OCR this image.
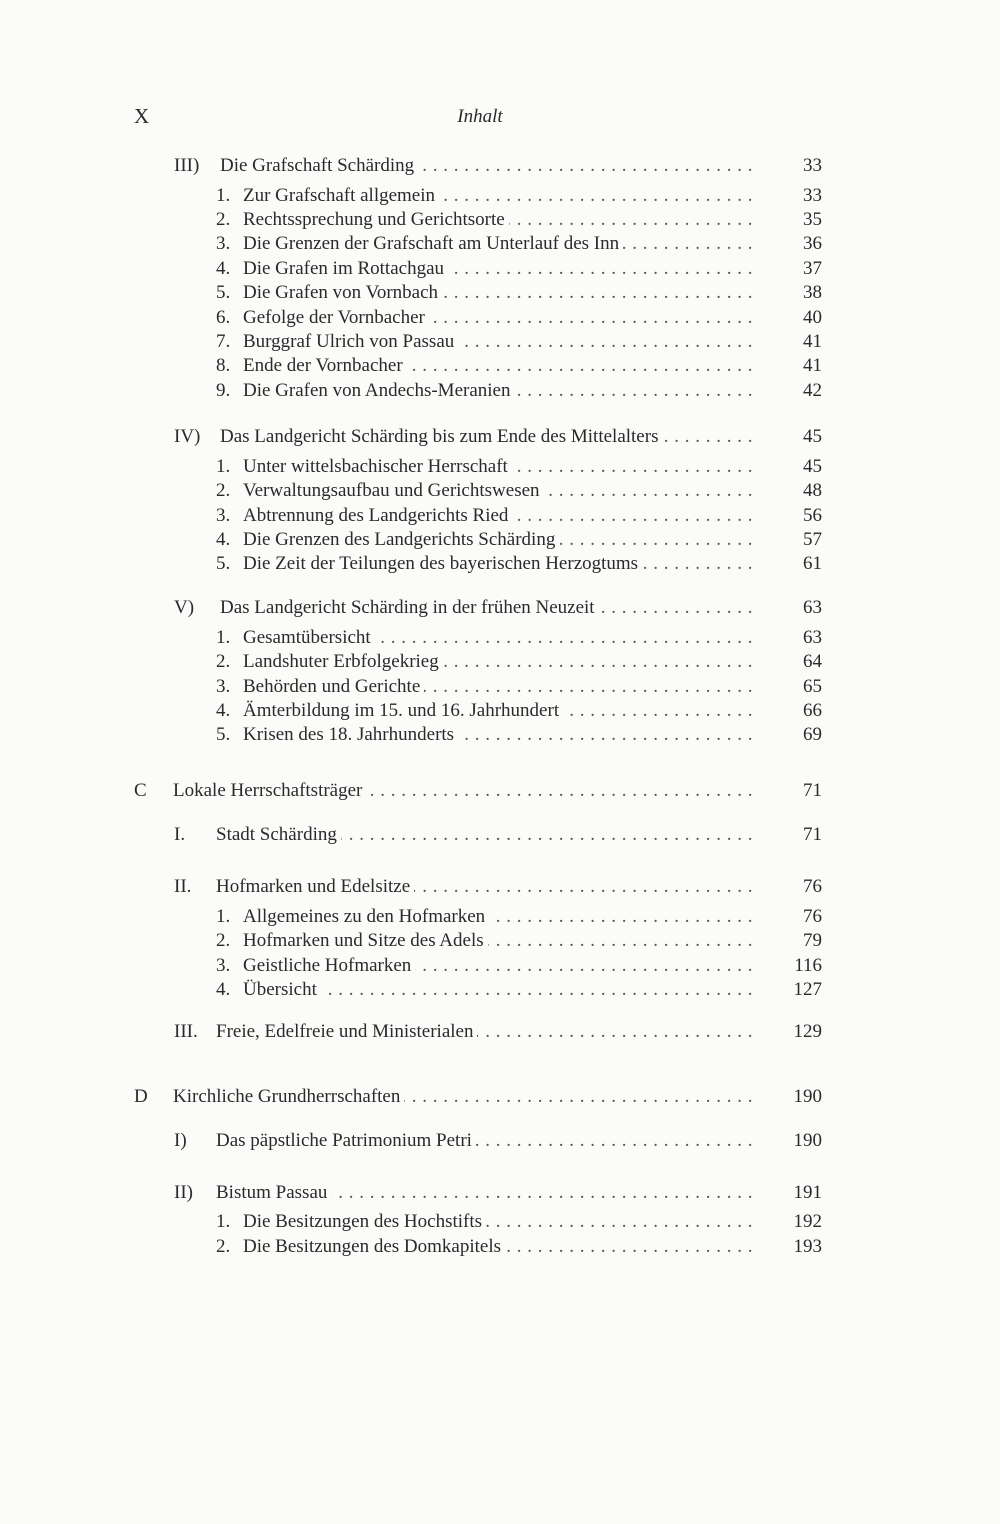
X	Inhalt
III) Die Grafschaft Schärding . . .	33
1. Zur Grafschaft allgemein . . .	33
2. Rechtssprechung und Gerichtsorte . . .	35
3. Die Grenzen der Grafschaft am Unterlauf des Inn . . .	36
4. Die Grafen im Rottachgau . . .	37
5. Die Grafen von Vornbach . . .	38
6. Gefolge der Vornbacher . . .	40
7. Burggraf Ulrich von Passau . . .	41
8. Ende der Vornbacher . . .	41
9. Die Grafen von Andechs-Meranien . . .	42
IV) Das Landgericht Schärding bis zum Ende des Mittelalters . . .	45
1. Unter wittelsbachischer Herrschaft . . .	45
2. Verwaltungsaufbau und Gerichtswesen . . .	48
3. Abtrennung des Landgerichts Ried . . .	56
4. Die Grenzen des Landgerichts Schärding . . .	57
5. Die Zeit der Teilungen des bayerischen Herzogtums . . .	61
V) Das Landgericht Schärding in der frühen Neuzeit . . .	63
1. Gesamtübersicht . . .	63
2. Landshuter Erbfolgekrieg . . .	64
3. Behörden und Gerichte . . .	65
4. Ämterbildung im 15. und 16. Jahrhundert . . .	66
5. Krisen des 18. Jahrhunderts . . .	69
C Lokale Herrschaftsträger . . .	71
I. Stadt Schärding . . .	71
II. Hofmarken und Edelsitze . . .	76
1. Allgemeines zu den Hofmarken . . .	76
2. Hofmarken und Sitze des Adels . . .	79
3. Geistliche Hofmarken . . .	116
4. Übersicht . . .	127
III. Freie, Edelfreie und Ministerialen . . .	129
D Kirchliche Grundherrschaften . . .	190
I) Das päpstliche Patrimonium Petri . . .	190
II) Bistum Passau . . .	191
1. Die Besitzungen des Hochstifts . . .	192
2. Die Besitzungen des Domkapitels . . .	193
